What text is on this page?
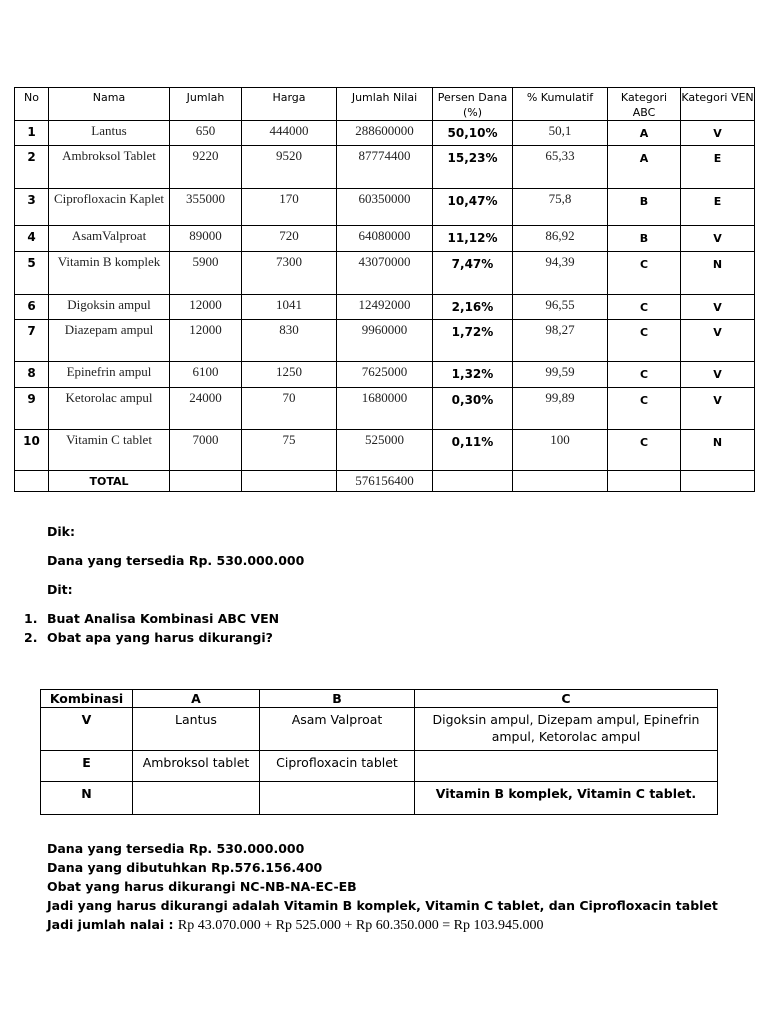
No	Nama	Jumlah	Harga	Jumlah Nilai	Persen Dana (%)	% Kumulatif	Kategori ABC	Kategori VEN
1	Lantus	650	444000	288600000	50,10%	50,1	A	V
2	Ambroksol Tablet	9220	9520	87774400	15,23%	65,33	A	E
3	Ciprofloxacin Kaplet	355000	170	60350000	10,47%	75,8	B	E
4	AsamValproat	89000	720	64080000	11,12%	86,92	B	V
5	Vitamin B komplek	5900	7300	43070000	7,47%	94,39	C	N
6	Digoksin ampul	12000	1041	12492000	2,16%	96,55	C	V
7	Diazepam ampul	12000	830	9960000	1,72%	98,27	C	V
8	Epinefrin ampul	6100	1250	7625000	1,32%	99,59	C	V
9	Ketorolac ampul	24000	70	1680000	0,30%	99,89	C	V
10	Vitamin C tablet	7000	75	525000	0,11%	100	C	N
	TOTAL			576156400				
Dik:
Dana yang tersedia Rp. 530.000.000
Dit:
1. Buat Analisa Kombinasi ABC VEN
2. Obat apa yang harus dikurangi?
Kombinasi	A	B	C
V	Lantus	Asam Valproat	Digoksin ampul, Dizepam ampul, Epinefrin ampul, Ketorolac ampul
E	Ambroksol tablet	Ciprofloxacin tablet	
N			Vitamin B komplek, Vitamin C tablet.
Dana yang tersedia Rp. 530.000.000
Dana yang dibutuhkan Rp.576.156.400
Obat yang harus dikurangi NC-NB-NA-EC-EB
Jadi yang harus dikurangi adalah Vitamin B komplek, Vitamin C tablet, dan Ciprofloxacin tablet
Jadi jumlah nalai : Rp 43.070.000 + Rp 525.000 + Rp 60.350.000 = Rp 103.945.000
